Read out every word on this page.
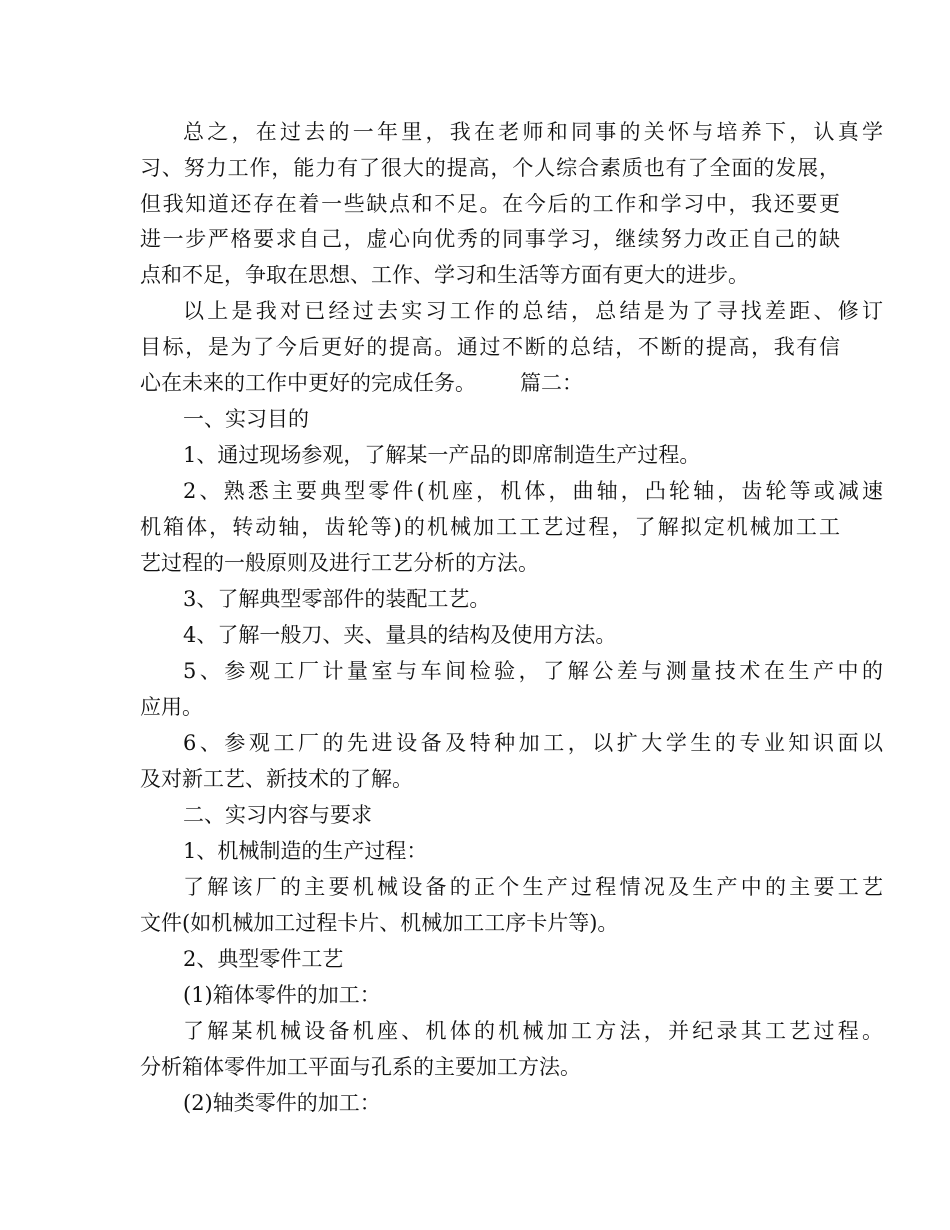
总之，在过去的一年里，我在老师和同事的关怀与培养下，认真学
习、努力工作，能力有了很大的提高，个人综合素质也有了全面的发展，
但我知道还存在着一些缺点和不足。在今后的工作和学习中，我还要更
进一步严格要求自己，虚心向优秀的同事学习，继续努力改正自己的缺
点和不足，争取在思想、工作、学习和生活等方面有更大的进步。
以上是我对已经过去实习工作的总结，总结是为了寻找差距、修订
目标，是为了今后更好的提高。通过不断的总结，不断的提高，我有信
心在未来的工作中更好的完成任务。 篇二：
一、实习目的
1、通过现场参观，了解某一产品的即席制造生产过程。
2、熟悉主要典型零件(机座，机体，曲轴，凸轮轴，齿轮等或减速
机箱体，转动轴，齿轮等)的机械加工工艺过程，了解拟定机械加工工
艺过程的一般原则及进行工艺分析的方法。
3、了解典型零部件的装配工艺。
4、了解一般刀、夹、量具的结构及使用方法。
5、参观工厂计量室与车间检验，了解公差与测量技术在生产中的
应用。
6、参观工厂的先进设备及特种加工，以扩大学生的专业知识面以
及对新工艺、新技术的了解。
二、实习内容与要求
1、机械制造的生产过程：
了解该厂的主要机械设备的正个生产过程情况及生产中的主要工艺
文件(如机械加工过程卡片、机械加工工序卡片等)。
2、典型零件工艺
(1)箱体零件的加工：
了解某机械设备机座、机体的机械加工方法，并纪录其工艺过程。
分析箱体零件加工平面与孔系的主要加工方法。
(2)轴类零件的加工：
